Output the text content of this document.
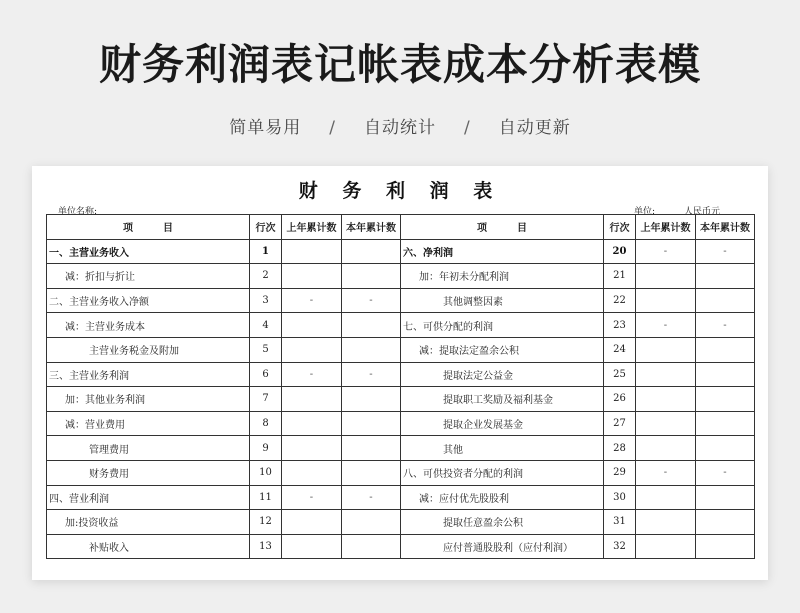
财务利润表记帐表成本分析表模
简单易用 / 自动统计 / 自动更新
财 务 利 润 表
单位名称:	单位:	人民币元
项　　　目	行次	上年累计数	本年累计数	项　　　目	行次	上年累计数	本年累计数
一、主营业务收入	1			六、净利润	20	-	-
减：折扣与折让	2			加：年初未分配利润	21		
二、主营业务收入净额	3	-	-	其他调整因素	22		
减：主营业务成本	4			七、可供分配的利润	23	-	-
主营业务税金及附加	5			减：提取法定盈余公积	24		
三、主营业务利润	6	-	-	提取法定公益金	25		
加：其他业务利润	7			提取职工奖励及福利基金	26		
减：营业费用	8			提取企业发展基金	27		
管理费用	9			其他	28		
财务费用	10			八、可供投资者分配的利润	29	-	-
四、营业利润	11	-	-	减：应付优先股股利	30		
加:投资收益	12			提取任意盈余公积	31		
补贴收入	13			应付普通股股利（应付利润）	32		
